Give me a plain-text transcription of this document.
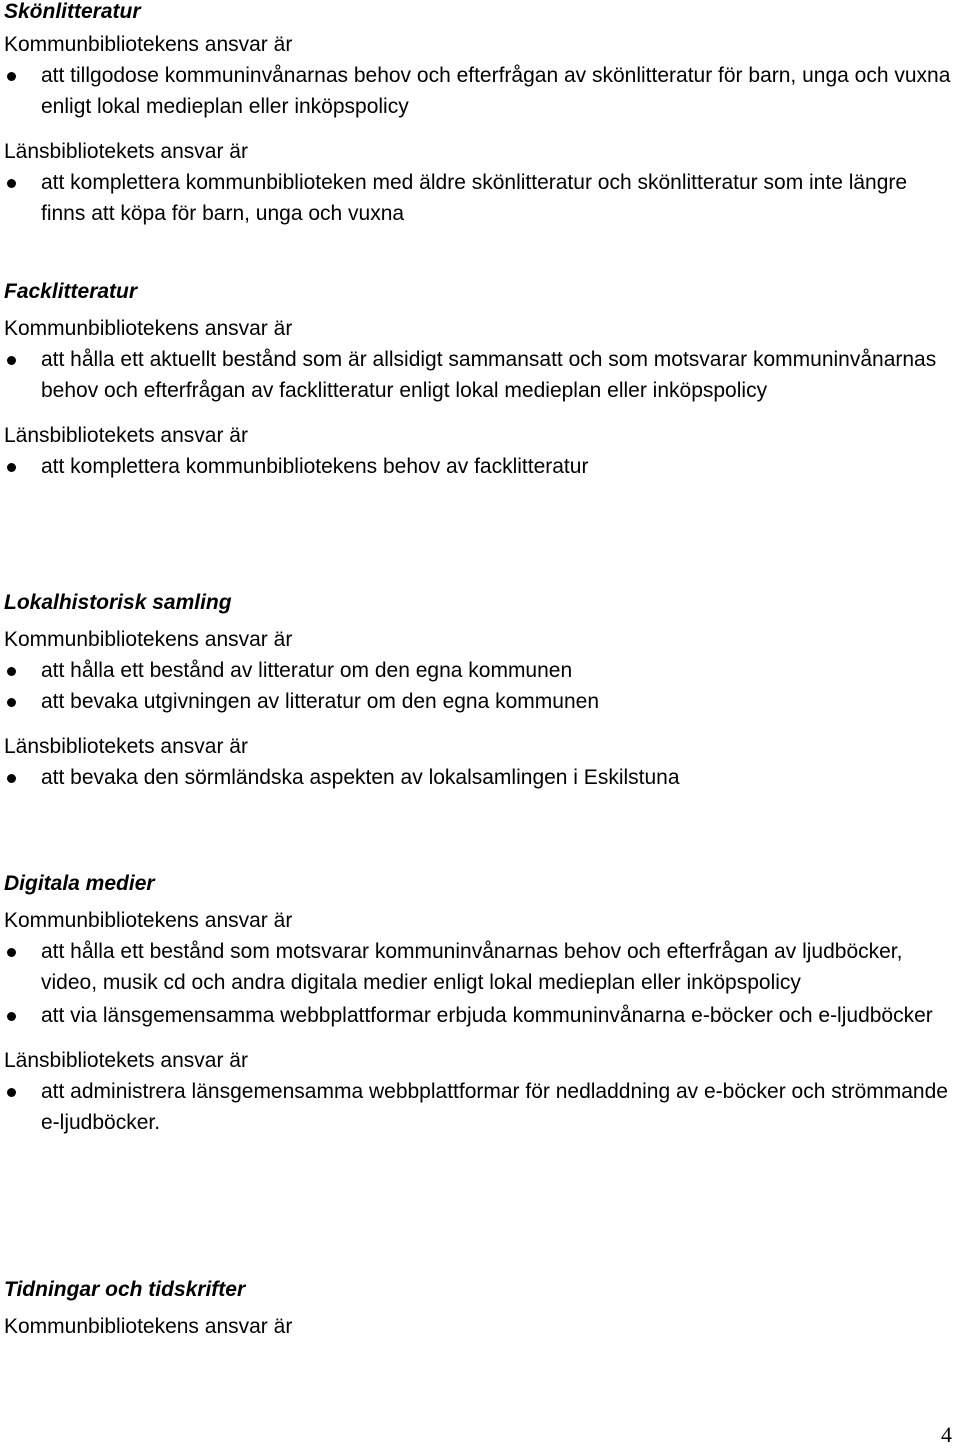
Skönlitteratur

Kommunbibliotekens ansvar är

att tillgodose kommuninvånarnas behov och efterfrågan av skönlitteratur för barn, unga och vuxna enligt lokal medieplan eller inköpspolicy

Länsbibliotekets ansvar är

att komplettera kommunbiblioteken med äldre skönlitteratur och skönlitteratur som inte längre finns att köpa för barn, unga och vuxna

Facklitteratur

Kommunbibliotekens ansvar är

att hålla ett aktuellt bestånd som är allsidigt sammansatt och som motsvarar kommuninvånarnas behov och efterfrågan av facklitteratur enligt lokal medieplan eller inköpspolicy

Länsbibliotekets ansvar är

att komplettera kommunbibliotekens behov av facklitteratur

Lokalhistorisk samling

Kommunbibliotekens ansvar är

att hålla ett bestånd av litteratur om den egna kommunen
att bevaka utgivningen av litteratur om den egna kommunen

Länsbibliotekets ansvar är

att bevaka den sörmländska aspekten av lokalsamlingen i Eskilstuna

Digitala medier

Kommunbibliotekens ansvar är

att hålla ett bestånd som motsvarar kommuninvånarnas behov och efterfrågan av ljudböcker, video, musik cd och andra digitala medier enligt lokal medieplan eller inköpspolicy
att via länsgemensamma webbplattformar erbjuda kommuninvånarna e-böcker och e-ljudböcker

Länsbibliotekets ansvar är

att administrera länsgemensamma webbplattformar för nedladdning av e-böcker och strömmande e-ljudböcker.

Tidningar och tidskrifter

Kommunbibliotekens ansvar är

4
